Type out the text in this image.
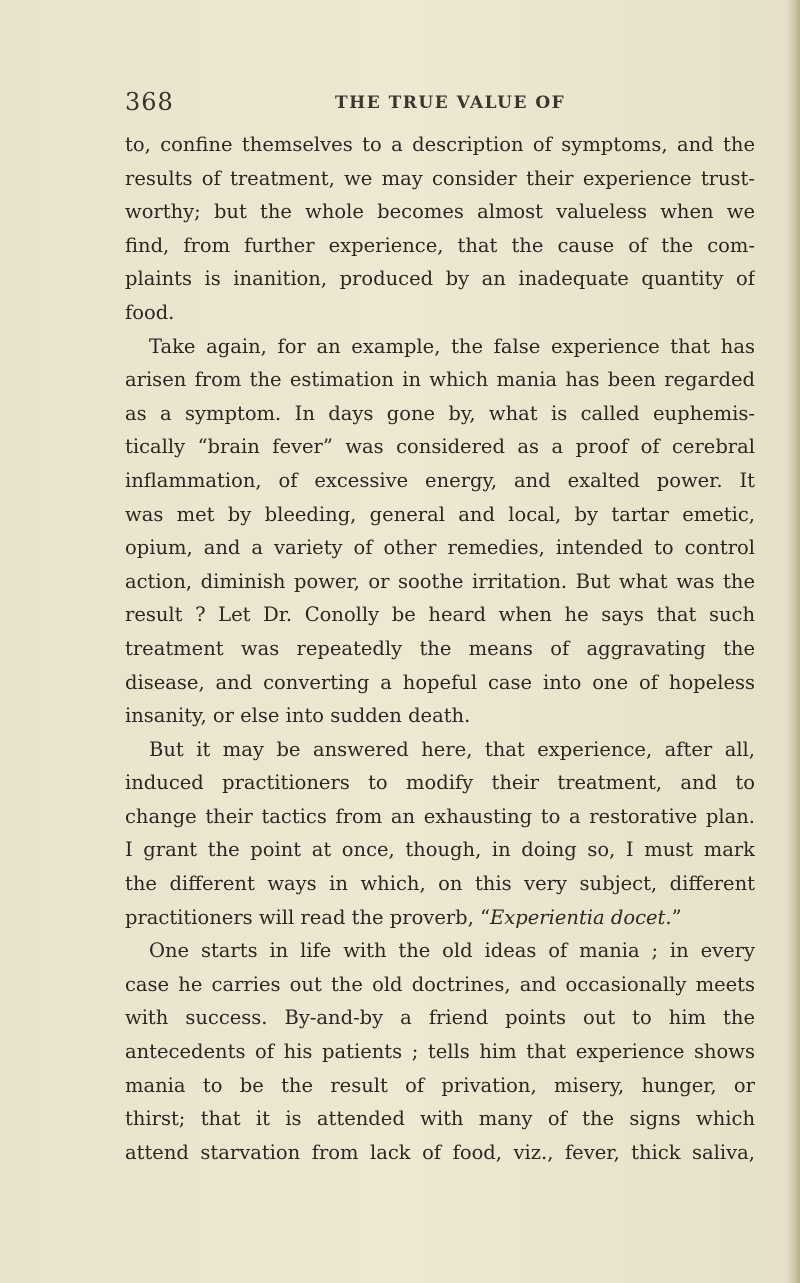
368	THE TRUE VALUE OF
to, confine themselves to a description of symptoms, and the
results of treatment, we may consider their experience trust-
worthy; but the whole becomes almost valueless when we
find, from further experience, that the cause of the com-
plaints is inanition, produced by an inadequate quantity of
food.
Take again, for an example, the false experience that has
arisen from the estimation in which mania has been regarded
as a symptom. In days gone by, what is called euphemis-
tically “brain fever” was considered as a proof of cerebral
inflammation, of excessive energy, and exalted power. It
was met by bleeding, general and local, by tartar emetic,
opium, and a variety of other remedies, intended to control
action, diminish power, or soothe irritation. But what was the
result ? Let Dr. Conolly be heard when he says that such
treatment was repeatedly the means of aggravating the
disease, and converting a hopeful case into one of hopeless
insanity, or else into sudden death.
But it may be answered here, that experience, after all,
induced practitioners to modify their treatment, and to
change their tactics from an exhausting to a restorative plan.
I grant the point at once, though, in doing so, I must mark
the different ways in which, on this very subject, different
practitioners will read the proverb, “Experientia docet.”
One starts in life with the old ideas of mania ; in every
case he carries out the old doctrines, and occasionally meets
with success. By-and-by a friend points out to him the
antecedents of his patients ; tells him that experience shows
mania to be the result of privation, misery, hunger, or
thirst; that it is attended with many of the signs which
attend starvation from lack of food, viz., fever, thick saliva,
